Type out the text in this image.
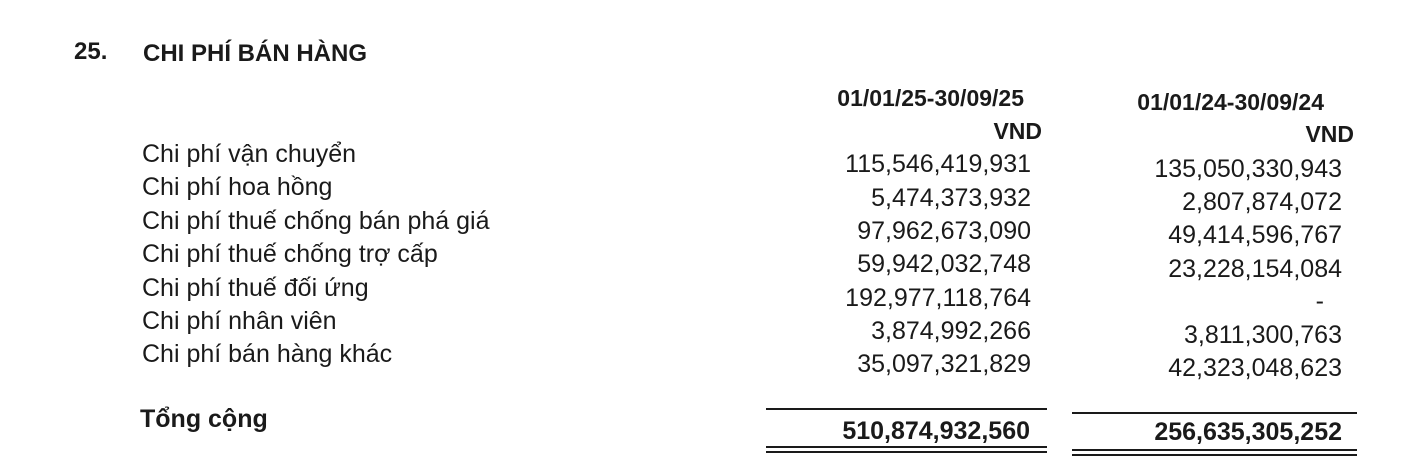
25. CHI PHÍ BÁN HÀNG
01/01/25-30/09/25
VND
01/01/24-30/09/24
VND
Chi phí vận chuyển	115,546,419,931	135,050,330,943
Chi phí hoa hồng	5,474,373,932	2,807,874,072
Chi phí thuế chống bán phá giá	97,962,673,090	49,414,596,767
Chi phí thuế chống trợ cấp	59,942,032,748	23,228,154,084
Chi phí thuế đối ứng	192,977,118,764	-
Chi phí nhân viên	3,874,992,266	3,811,300,763
Chi phí bán hàng khác	35,097,321,829	42,323,048,623
Tổng cộng	510,874,932,560	256,635,305,252
